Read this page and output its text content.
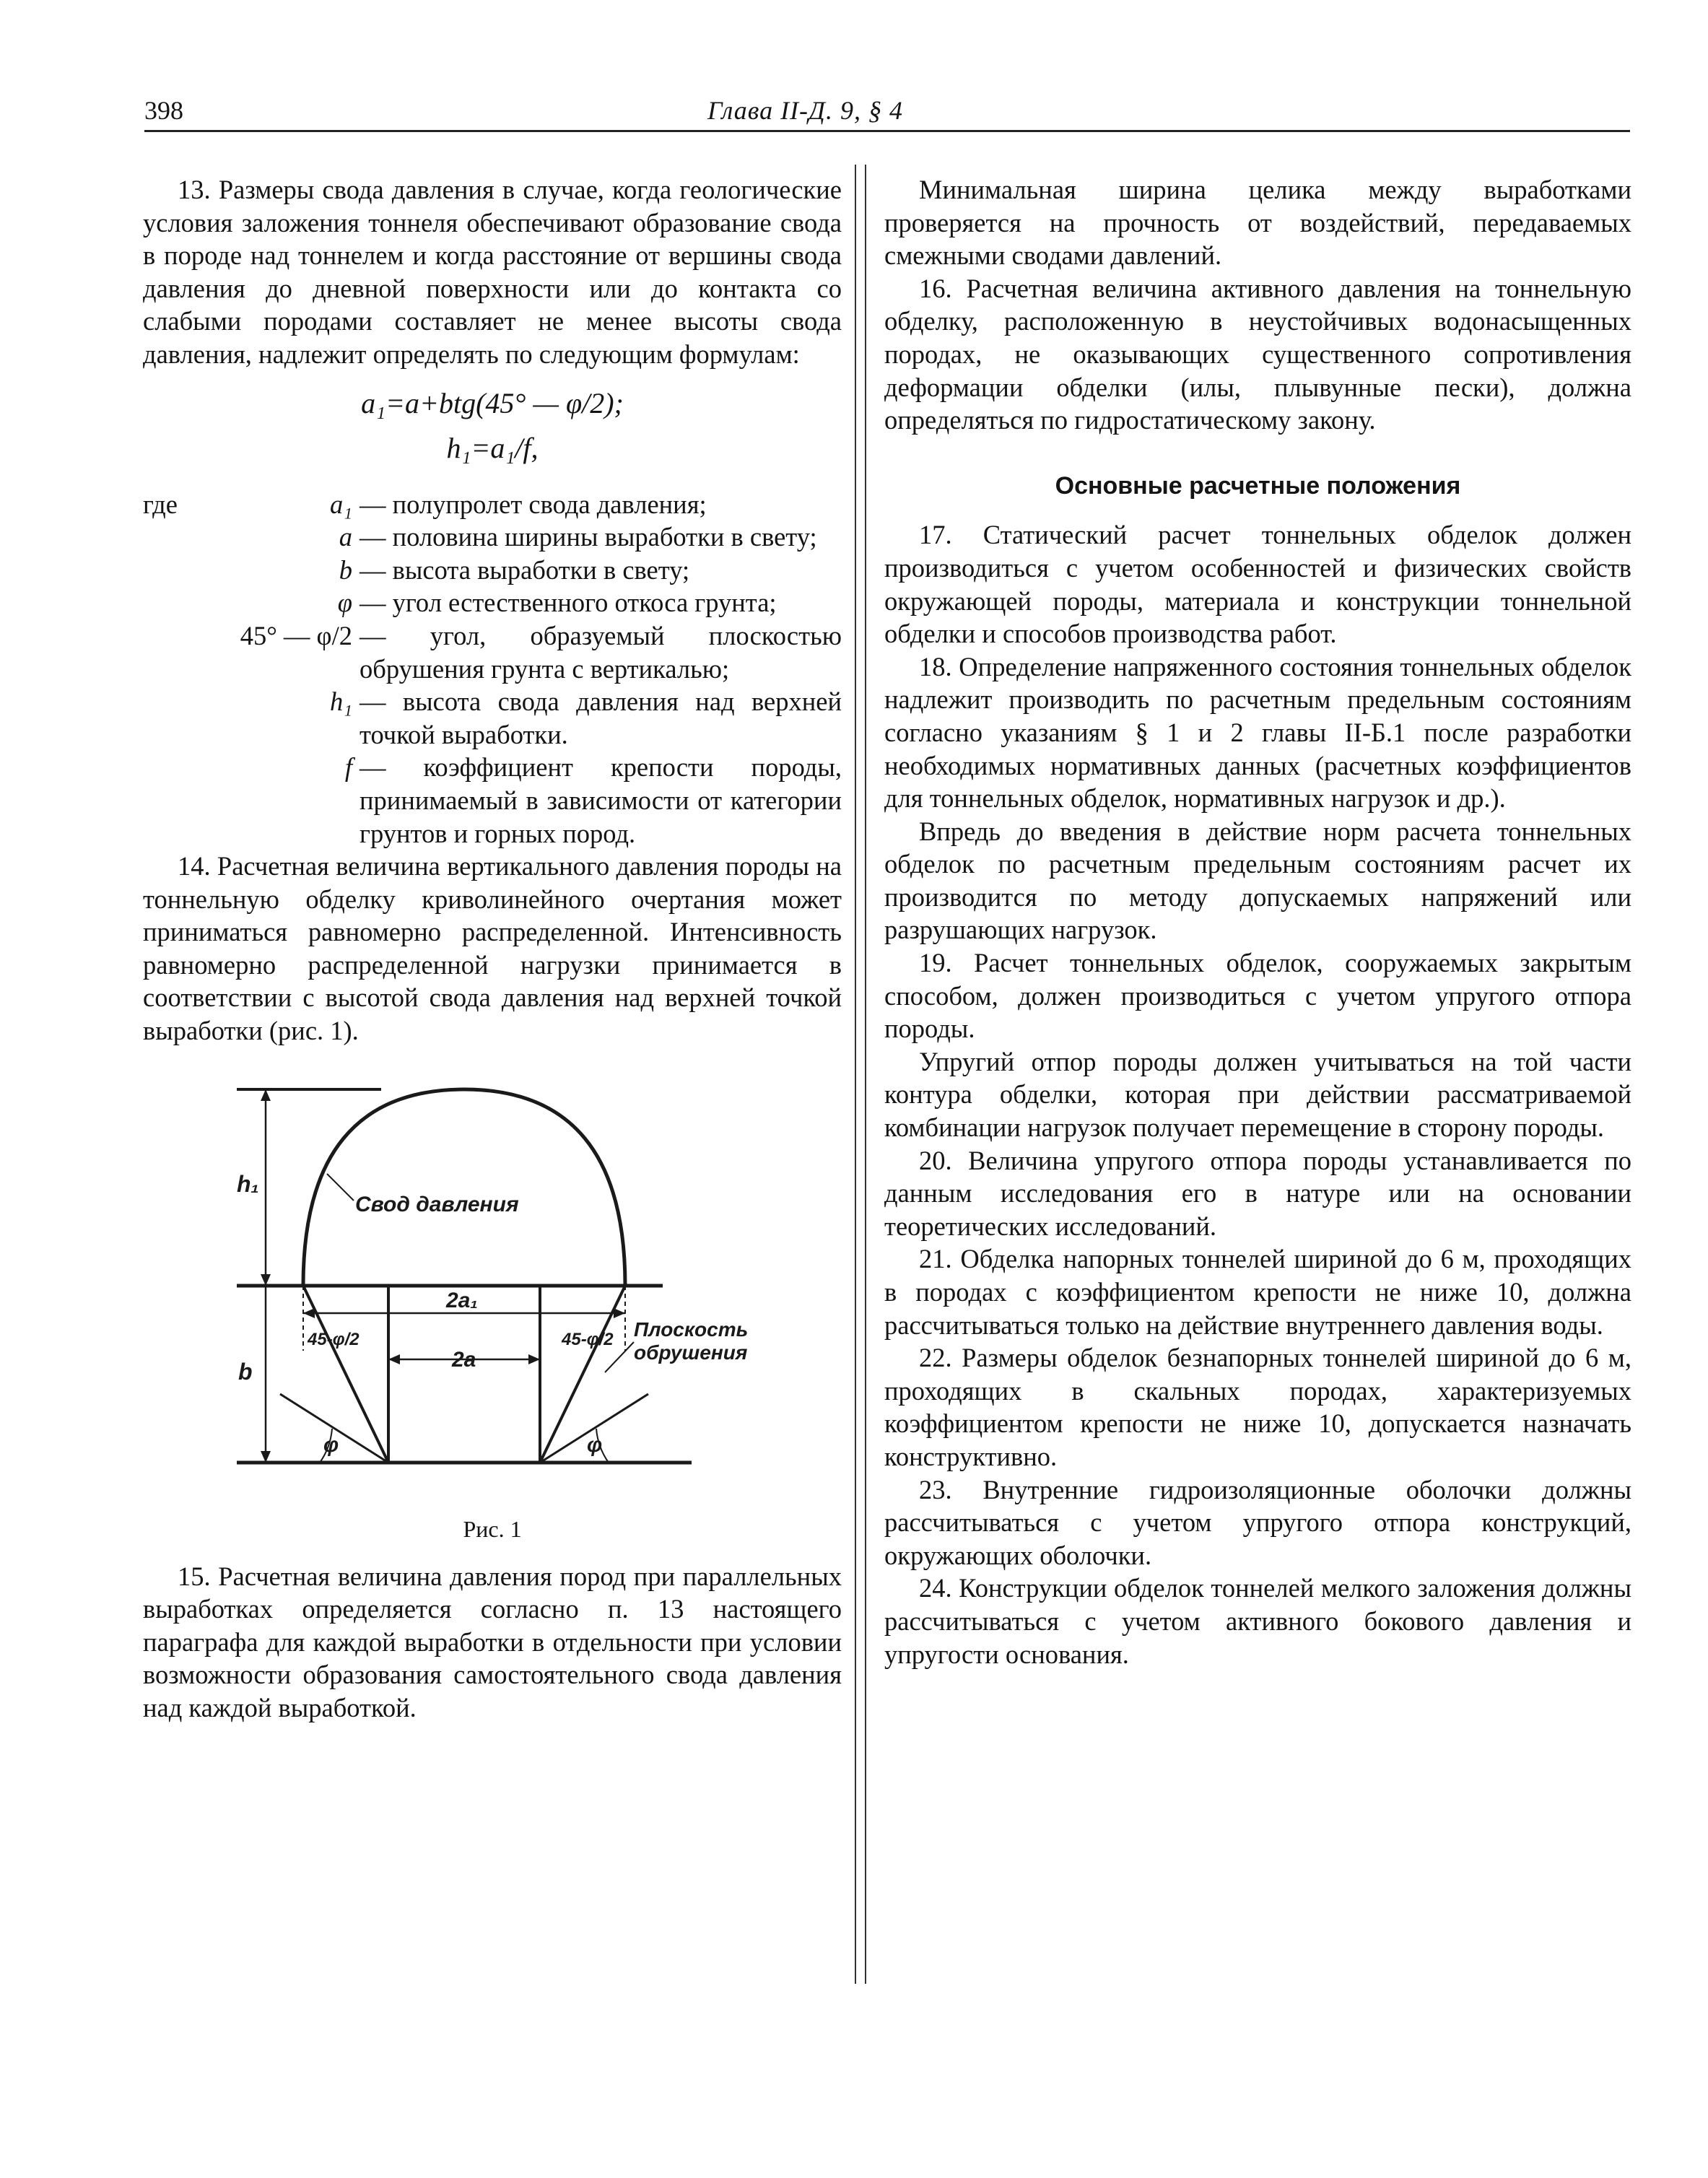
398	Глава II-Д. 9, § 4

13. Размеры свода давления в случае, когда геологические условия заложения тоннеля обеспечивают образование свода в породе над тоннелем и когда расстояние от вершины свода давления до дневной поверхности или до контакта со слабыми породами составляет не менее высоты свода давления, надлежит определять по следующим формулам:

a₁=a+btg(45° — φ/2);
h₁=a₁/f,

где	a₁ — полупролет свода давления;

a — половина ширины выработки в свету;

b — высота выработки в свету;

φ — угол естественного откоса грунта;

45° — φ/2 — угол, образуемый плоскостью обрушения грунта с вертикалью;

h₁ — высота свода давления над верхней точкой выработки.

f — коэффициент крепости породы, принимаемый в зависимости от категории грунтов и горных пород.

14. Расчетная величина вертикального давления породы на тоннельную обделку криволинейного очертания может приниматься равномерно распределенной. Интенсивность равномерно распределенной нагрузки принимается в соответствии с высотой свода давления над верхней точкой выработки (рис. 1).

Свод давления
Плоскость
обрушения
2a₁
2a
h₁
b
45-φ/2	45-φ/2
φ	φ
Рис. 1

15. Расчетная величина давления пород при параллельных выработках определяется согласно п. 13 настоящего параграфа для каждой выработки в отдельности при условии возможности образования самостоятельного свода давления над каждой выработкой.

Минимальная ширина целика между выработками проверяется на прочность от воздействий, передаваемых смежными сводами давлений.

16. Расчетная величина активного давления на тоннельную обделку, расположенную в неустойчивых водонасыщенных породах, не оказывающих существенного сопротивления деформации обделки (илы, плывунные пески), должна определяться по гидростатическому закону.

Основные расчетные положения

17. Статический расчет тоннельных обделок должен производиться с учетом особенностей и физических свойств окружающей породы, материала и конструкции тоннельной обделки и способов производства работ.

18. Определение напряженного состояния тоннельных обделок надлежит производить по расчетным предельным состояниям согласно указаниям § 1 и 2 главы II-Б.1 после разработки необходимых нормативных данных (расчетных коэффициентов для тоннельных обделок, нормативных нагрузок и др.).

Впредь до введения в действие норм расчета тоннельных обделок по расчетным предельным состояниям расчет их производится по методу допускаемых напряжений или разрушающих нагрузок.

19. Расчет тоннельных обделок, сооружаемых закрытым способом, должен производиться с учетом упругого отпора породы.

Упругий отпор породы должен учитываться на той части контура обделки, которая при действии рассматриваемой комбинации нагрузок получает перемещение в сторону породы.

20. Величина упругого отпора породы устанавливается по данным исследования его в натуре или на основании теоретических исследований.

21. Обделка напорных тоннелей шириной до 6 м, проходящих в породах с коэффициентом крепости не ниже 10, должна рассчитываться только на действие внутреннего давления воды.

22. Размеры обделок безнапорных тоннелей шириной до 6 м, проходящих в скальных породах, характеризуемых коэффициентом крепости не ниже 10, допускается назначать конструктивно.

23. Внутренние гидроизоляционные оболочки должны рассчитываться с учетом упругого отпора конструкций, окружающих оболочки.

24. Конструкции обделок тоннелей мелкого заложения должны рассчитываться с учетом активного бокового давления и упругости основания.
